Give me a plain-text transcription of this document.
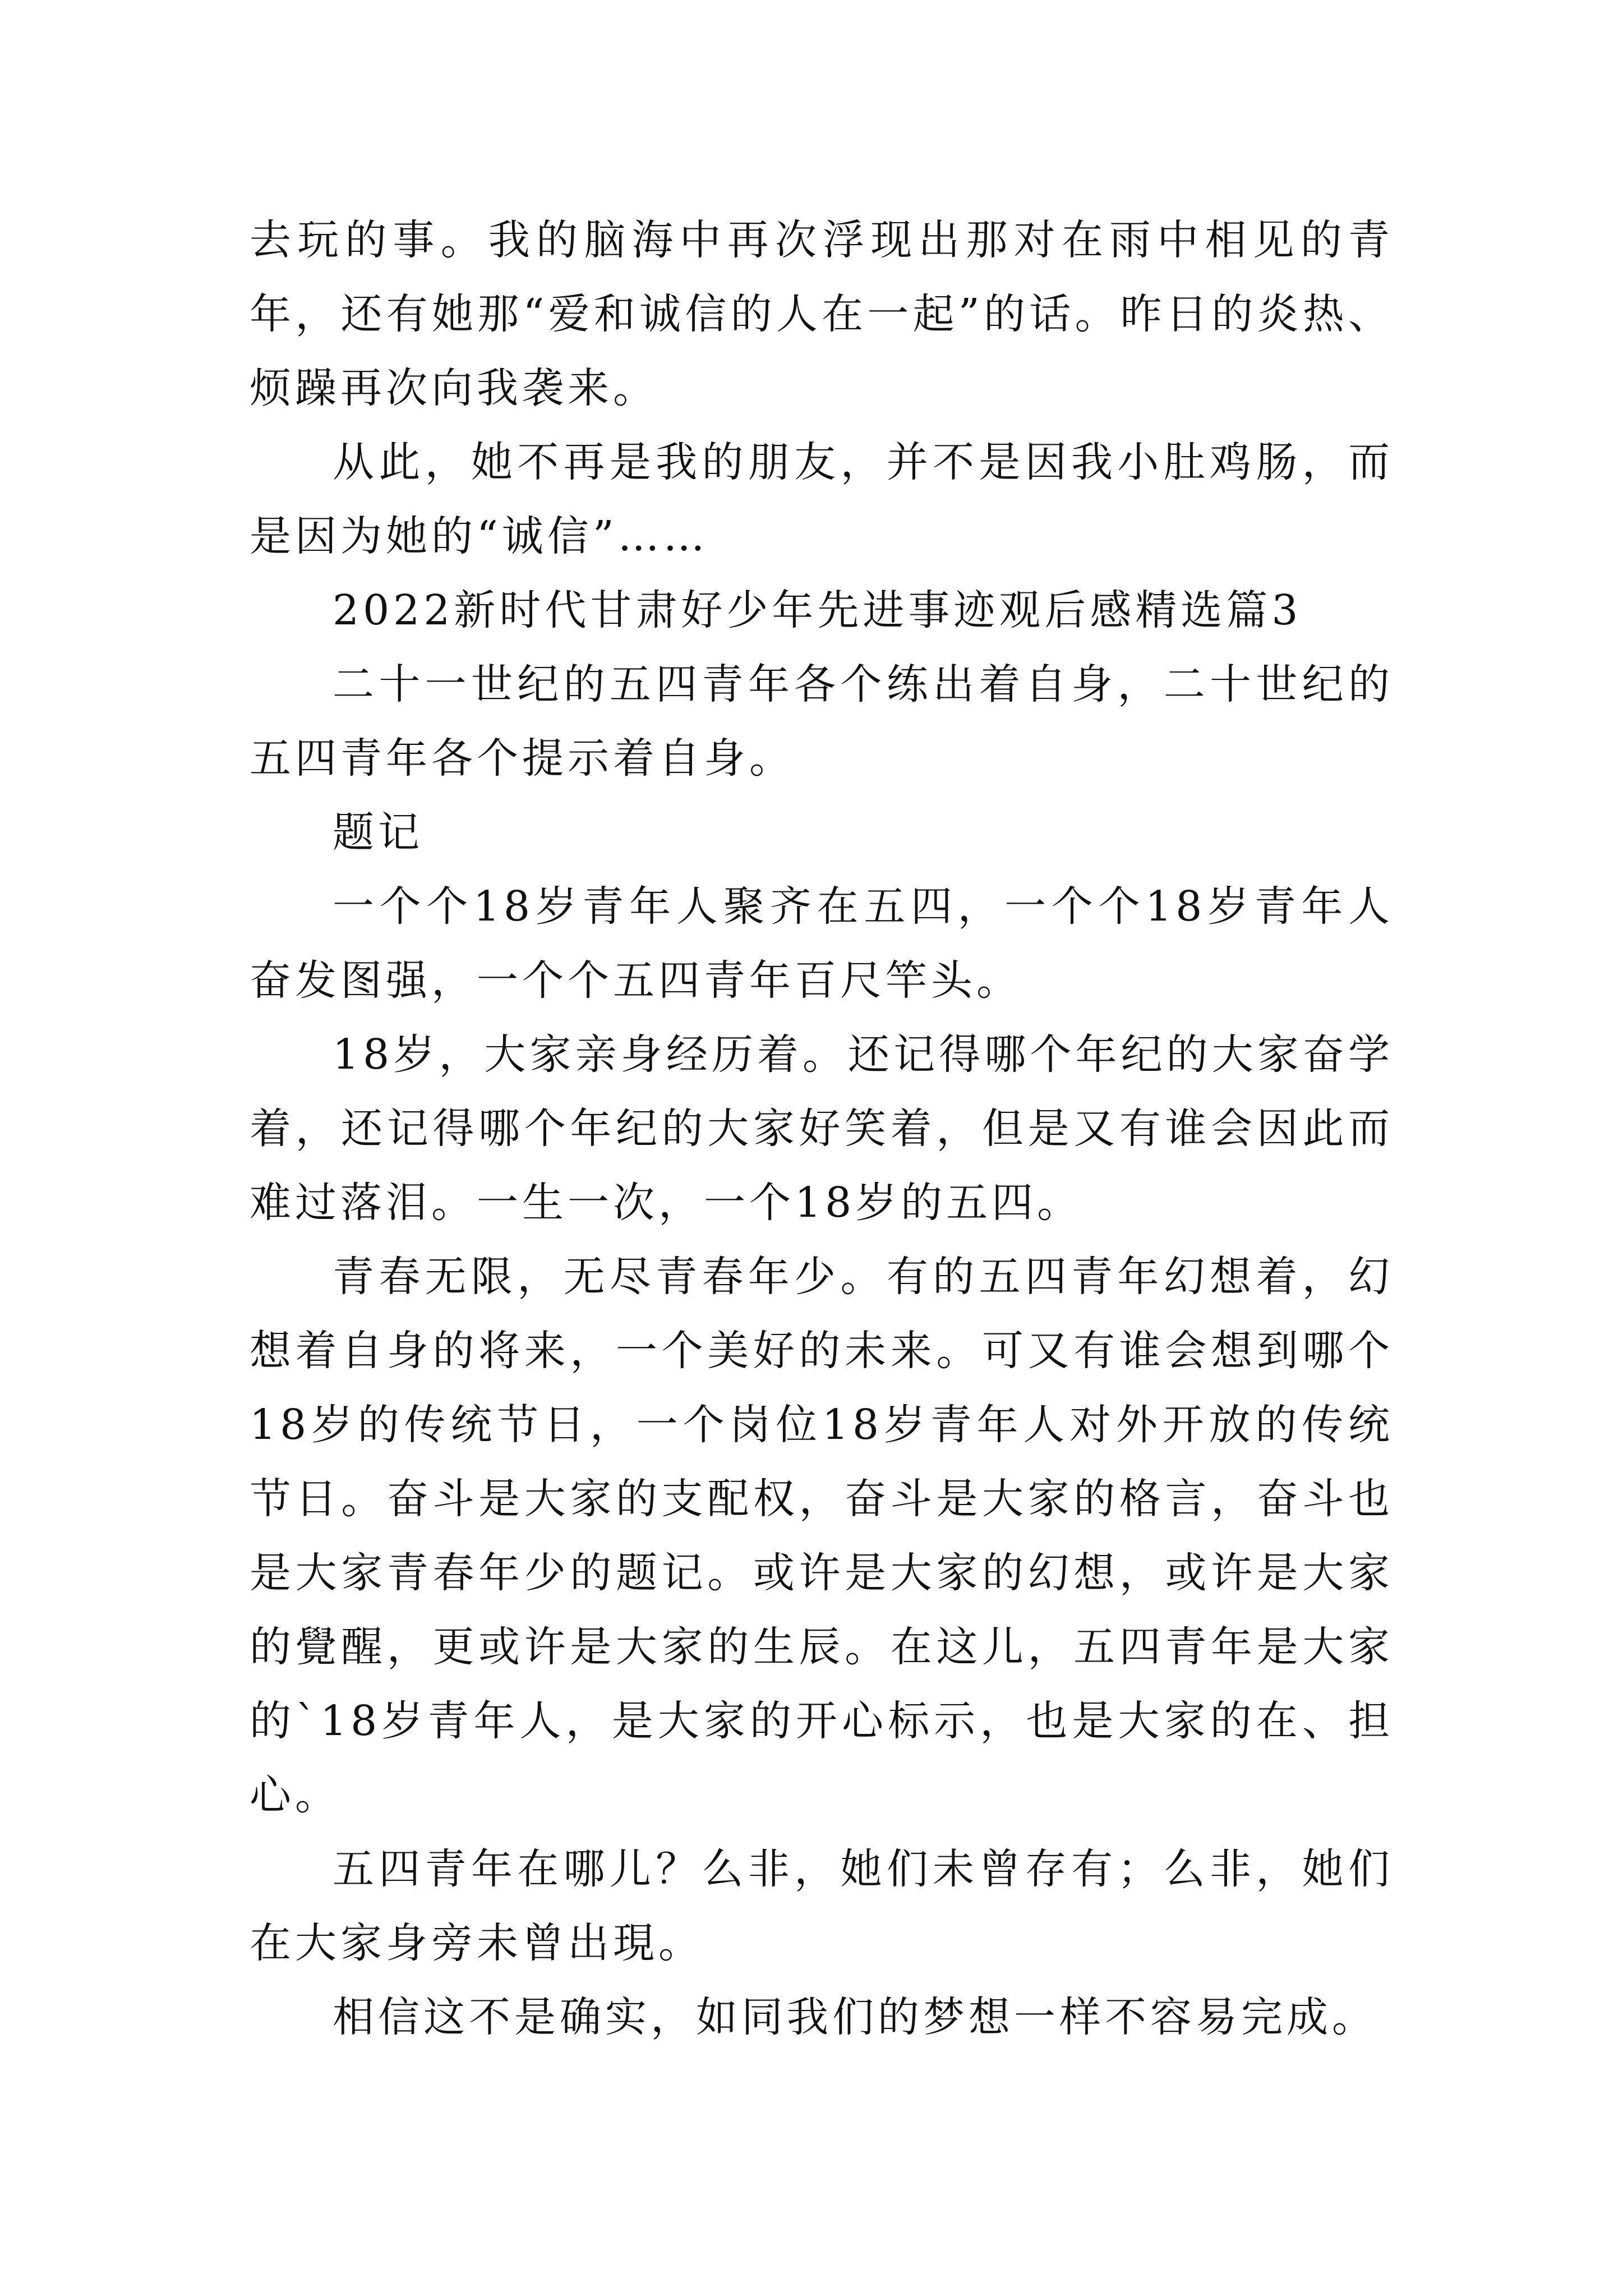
去玩的事。我的脑海中再次浮现出那对在雨中相见的青年，还有她那“爱和诚信的人在一起”的话。昨日的炎热、烦躁再次向我袭来。

从此，她不再是我的朋友，并不是因我小肚鸡肠，而是因为她的“诚信”……

2022新时代甘肃好少年先进事迹观后感精选篇3

二十一世纪的五四青年各个练出着自身，二十世纪的五四青年各个提示着自身。

题记

一个个18岁青年人聚齐在五四，一个个18岁青年人奋发图强，一个个五四青年百尺竿头。

18岁，大家亲身经历着。还记得哪个年纪的大家奋学着，还记得哪个年纪的大家好笑着，但是又有谁会因此而难过落泪。一生一次，一个18岁的五四。

青春无限，无尽青春年少。有的五四青年幻想着，幻想着自身的将来，一个美好的未来。可又有谁会想到哪个18岁的传统节日，一个岗位18岁青年人对外开放的传统节日。奋斗是大家的支配权，奋斗是大家的格言，奋斗也是大家青春年少的题记。或许是大家的幻想，或许是大家的覺醒，更或许是大家的生辰。在这儿，五四青年是大家的`18岁青年人，是大家的开心标示，也是大家的在、担心。

五四青年在哪儿？么非，她们未曾存有；么非，她们在大家身旁未曾出現。

相信这不是确实，如同我们的梦想一样不容易完成。
